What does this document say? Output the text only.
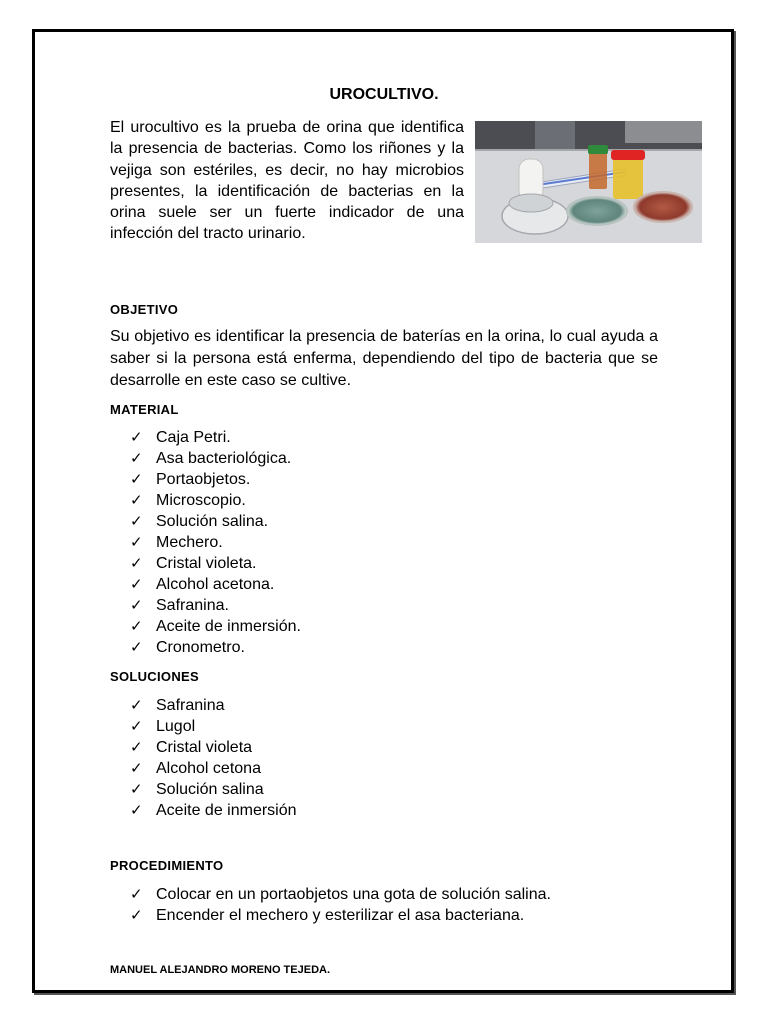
UROCULTIVO.

El urocultivo es la prueba de orina que identifica la presencia de bacterias. Como los riñones y la vejiga son estériles, es decir, no hay microbios presentes, la identificación de bacterias en la orina suele ser un fuerte indicador de una infección del tracto urinario.

OBJETIVO

Su objetivo es identificar la presencia de baterías en la orina, lo cual ayuda a saber si la persona está enferma, dependiendo del tipo de bacteria que se desarrolle en este caso se cultive.

MATERIAL

✓ Caja Petri.
✓ Asa bacteriológica.
✓ Portaobjetos.
✓ Microscopio.
✓ Solución salina.
✓ Mechero.
✓ Cristal violeta.
✓ Alcohol acetona.
✓ Safranina.
✓ Aceite de inmersión.
✓ Cronometro.

SOLUCIONES

✓ Safranina
✓ Lugol
✓ Cristal violeta
✓ Alcohol cetona
✓ Solución salina
✓ Aceite de inmersión

PROCEDIMIENTO

✓ Colocar en un portaobjetos una gota de solución salina.
✓ Encender el mechero y esterilizar el asa bacteriana.

MANUEL ALEJANDRO MORENO TEJEDA.
